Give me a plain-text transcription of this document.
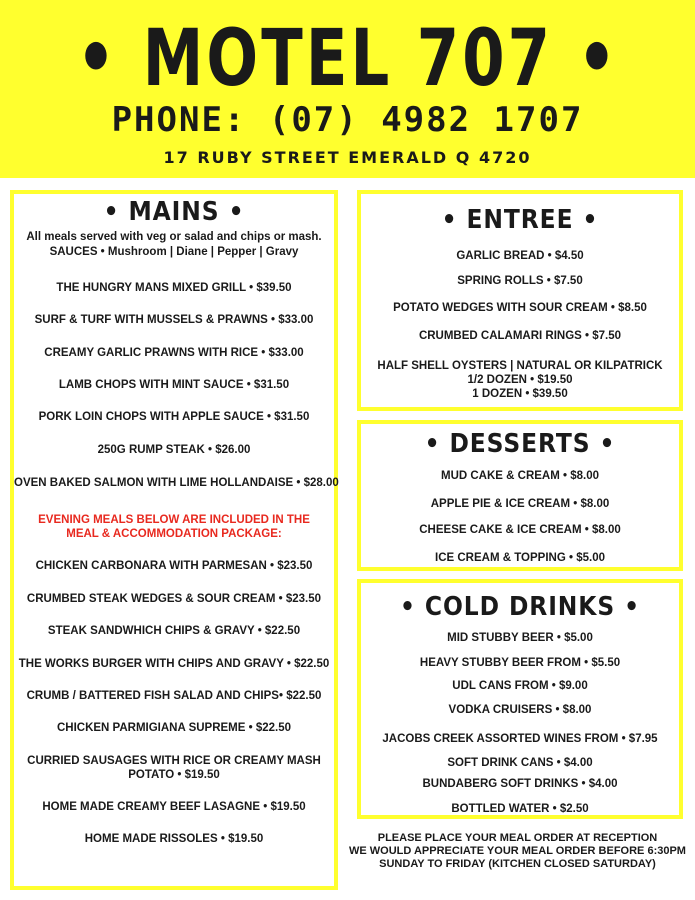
• MOTEL 707 •
PHONE: (07) 4982 1707
17 RUBY STREET EMERALD Q 4720
• MAINS •
All meals served with veg or salad and chips or mash.
SAUCES • Mushroom | Diane | Pepper | Gravy
THE HUNGRY MANS MIXED GRILL • $39.50
SURF & TURF WITH MUSSELS & PRAWNS • $33.00
CREAMY GARLIC PRAWNS WITH RICE • $33.00
LAMB CHOPS WITH MINT SAUCE • $31.50
PORK LOIN CHOPS WITH APPLE SAUCE • $31.50
250G RUMP STEAK • $26.00
OVEN BAKED SALMON WITH LIME HOLLANDAISE • $28.00
EVENING MEALS BELOW ARE INCLUDED IN THE
MEAL & ACCOMMODATION PACKAGE:
CHICKEN CARBONARA WITH PARMESAN • $23.50
CRUMBED STEAK WEDGES & SOUR CREAM • $23.50
STEAK SANDWHICH CHIPS & GRAVY • $22.50
THE WORKS BURGER WITH CHIPS AND GRAVY • $22.50
CRUMB / BATTERED FISH SALAD AND CHIPS• $22.50
CHICKEN PARMIGIANA SUPREME • $22.50
CURRIED SAUSAGES WITH RICE OR CREAMY MASH
POTATO • $19.50
HOME MADE CREAMY BEEF LASAGNE • $19.50
HOME MADE RISSOLES • $19.50
• ENTREE •
GARLIC BREAD • $4.50
SPRING ROLLS • $7.50
POTATO WEDGES WITH SOUR CREAM • $8.50
CRUMBED CALAMARI RINGS • $7.50
HALF SHELL OYSTERS | NATURAL OR KILPATRICK
1/2 DOZEN • $19.50
1 DOZEN • $39.50
• DESSERTS •
MUD CAKE & CREAM • $8.00
APPLE PIE & ICE CREAM • $8.00
CHEESE CAKE & ICE CREAM • $8.00
ICE CREAM & TOPPING • $5.00
• COLD DRINKS •
MID STUBBY BEER • $5.00
HEAVY STUBBY BEER FROM • $5.50
UDL CANS FROM • $9.00
VODKA CRUISERS • $8.00
JACOBS CREEK ASSORTED WINES FROM • $7.95
SOFT DRINK CANS • $4.00
BUNDABERG SOFT DRINKS • $4.00
BOTTLED WATER • $2.50
PLEASE PLACE YOUR MEAL ORDER AT RECEPTION
WE WOULD APPRECIATE YOUR MEAL ORDER BEFORE 6:30PM
SUNDAY TO FRIDAY (KITCHEN CLOSED SATURDAY)
